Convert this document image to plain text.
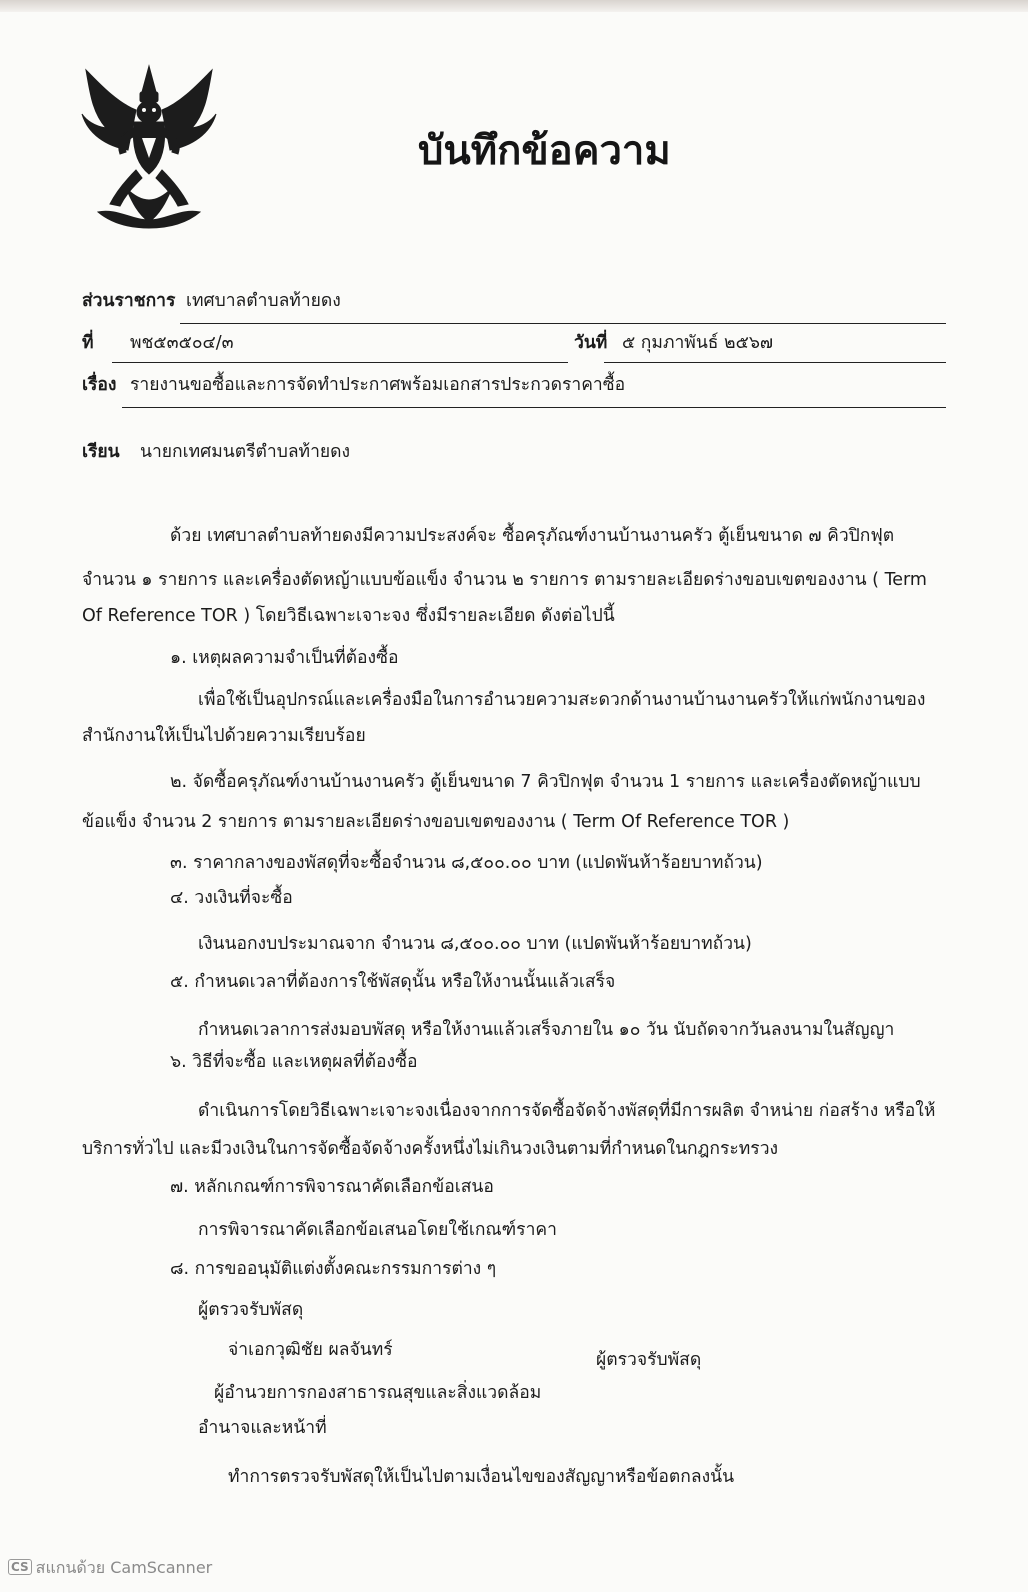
บันทึกข้อความ
ส่วนราชการ เทศบาลตำบลท้ายดง
ที่ พช๕๓๕๐๔/๓	วันที่ ๕ กุมภาพันธ์ ๒๕๖๗
เรื่อง รายงานขอซื้อและการจัดทำประกาศพร้อมเอกสารประกวดราคาซื้อ
เรียน นายกเทศมนตรีตำบลท้ายดง
ด้วย เทศบาลตำบลท้ายดงมีความประสงค์จะ ซื้อครุภัณฑ์งานบ้านงานครัว ตู้เย็นขนาด ๗ คิวปิกฟุต
จำนวน ๑ รายการ และเครื่องตัดหญ้าแบบข้อแข็ง จำนวน ๒ รายการ ตามรายละเอียดร่างขอบเขตของงาน ( Term
Of Reference TOR ) โดยวิธีเฉพาะเจาะจง ซึ่งมีรายละเอียด ดังต่อไปนี้
๑. เหตุผลความจำเป็นที่ต้องซื้อ
เพื่อใช้เป็นอุปกรณ์และเครื่องมือในการอำนวยความสะดวกด้านงานบ้านงานครัวให้แก่พนักงานของ
สำนักงานให้เป็นไปด้วยความเรียบร้อย
๒. จัดซื้อครุภัณฑ์งานบ้านงานครัว ตู้เย็นขนาด 7 คิวปิกฟุต จำนวน 1 รายการ และเครื่องตัดหญ้าแบบ
ข้อแข็ง จำนวน 2 รายการ ตามรายละเอียดร่างขอบเขตของงาน ( Term Of Reference TOR )
๓. ราคากลางของพัสดุที่จะซื้อจำนวน ๘,๕๐๐.๐๐ บาท (แปดพันห้าร้อยบาทถ้วน)
๔. วงเงินที่จะซื้อ
เงินนอกงบประมาณจาก จำนวน ๘,๕๐๐.๐๐ บาท (แปดพันห้าร้อยบาทถ้วน)
๕. กำหนดเวลาที่ต้องการใช้พัสดุนั้น หรือให้งานนั้นแล้วเสร็จ
กำหนดเวลาการส่งมอบพัสดุ หรือให้งานแล้วเสร็จภายใน ๑๐ วัน นับถัดจากวันลงนามในสัญญา
๖. วิธีที่จะซื้อ และเหตุผลที่ต้องซื้อ
ดำเนินการโดยวิธีเฉพาะเจาะจงเนื่องจากการจัดซื้อจัดจ้างพัสดุที่มีการผลิต จำหน่าย ก่อสร้าง หรือให้
บริการทั่วไป และมีวงเงินในการจัดซื้อจัดจ้างครั้งหนึ่งไม่เกินวงเงินตามที่กำหนดในกฎกระทรวง
๗. หลักเกณฑ์การพิจารณาคัดเลือกข้อเสนอ
การพิจารณาคัดเลือกข้อเสนอโดยใช้เกณฑ์ราคา
๘. การขออนุมัติแต่งตั้งคณะกรรมการต่าง ๆ
ผู้ตรวจรับพัสดุ
จ่าเอกวุฒิชัย ผลจันทร์	ผู้ตรวจรับพัสดุ
ผู้อำนวยการกองสาธารณสุขและสิ่งแวดล้อม
อำนาจและหน้าที่
ทำการตรวจรับพัสดุให้เป็นไปตามเงื่อนไขของสัญญาหรือข้อตกลงนั้น
CS สแกนด้วย CamScanner
